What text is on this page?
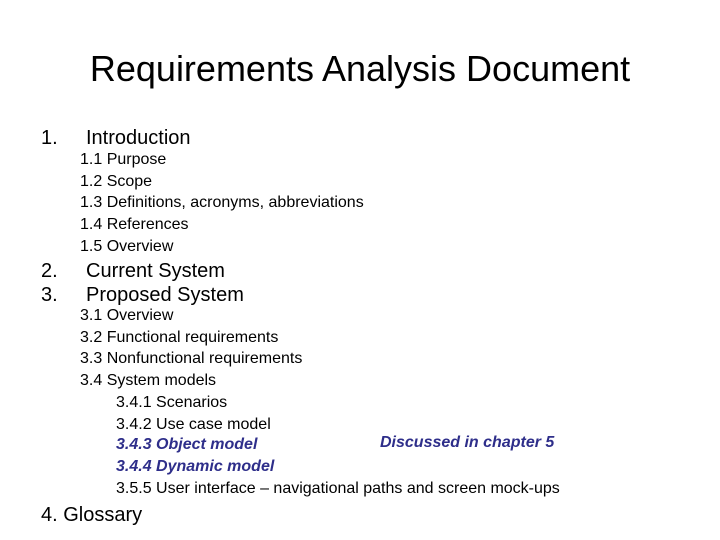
Requirements Analysis Document
1. Introduction
1.1 Purpose
1.2 Scope
1.3 Definitions, acronyms, abbreviations
1.4 References
1.5 Overview
2. Current System
3. Proposed System
3.1 Overview
3.2 Functional requirements
3.3 Nonfunctional requirements
3.4 System models
3.4.1 Scenarios
3.4.2 Use case model
3.4.3 Object model
3.4.4 Dynamic model
3.5.5 User interface – navigational paths and screen mock-ups
Discussed in chapter 5
4. Glossary
